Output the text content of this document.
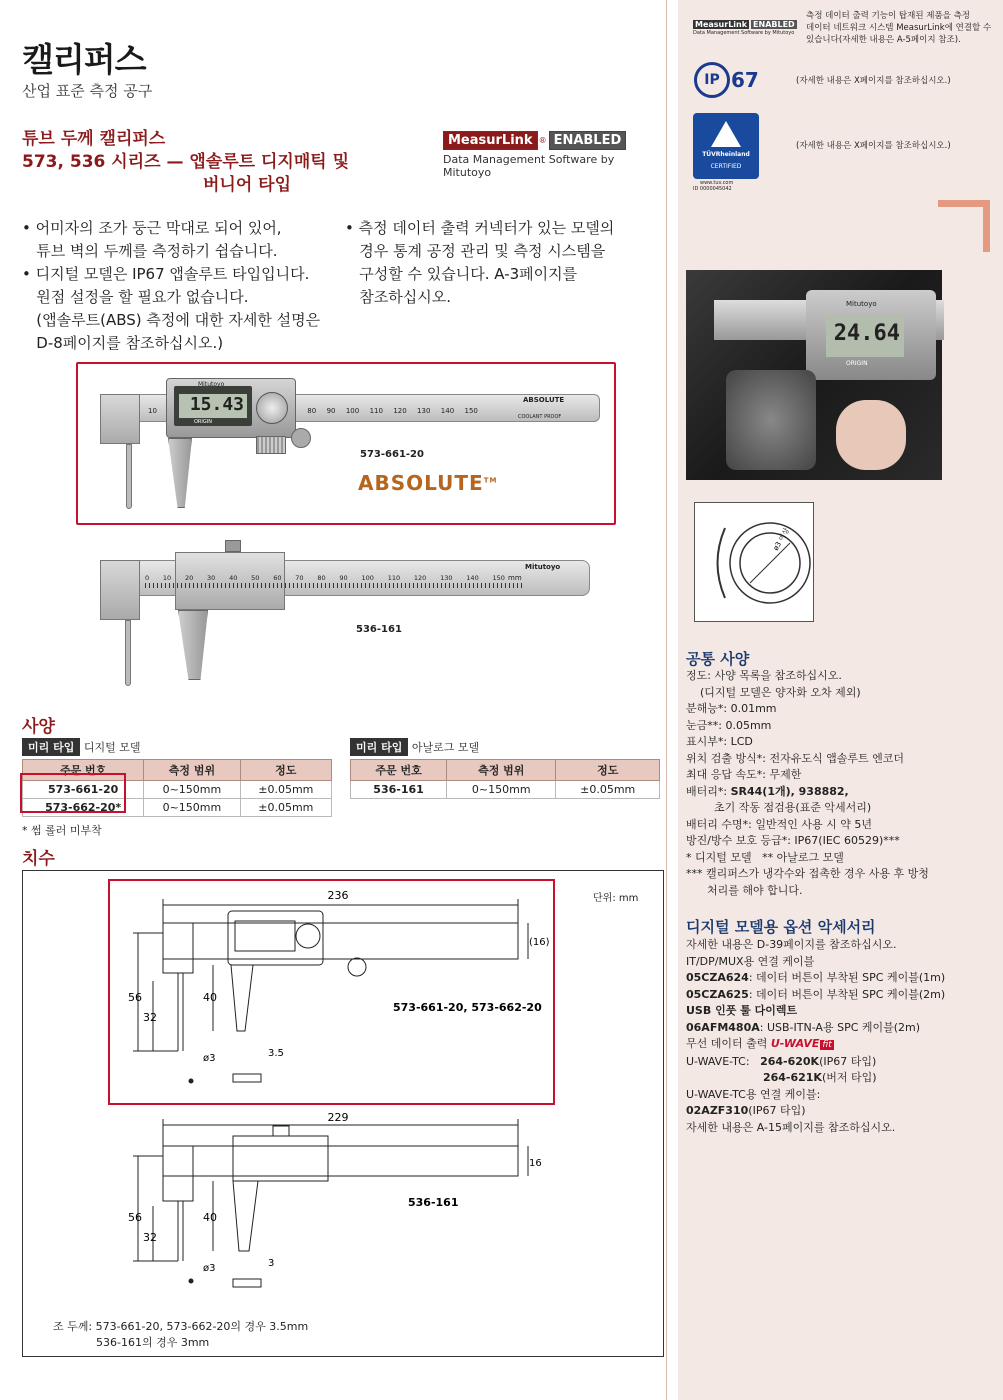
캘리퍼스
산업 표준 측정 공구
튜브 두께 캘리퍼스
573, 536 시리즈 — 앱솔루트 디지매틱 및
버니어 타입
MeasurLink ® ENABLED
Data Management Software by Mitutoyo
• 어미자의 조가 둥근 막대로 되어 있어,
튜브 벽의 두께를 측정하기 쉽습니다.
• 디지털 모델은 IP67 앱솔루트 타입입니다.
원점 설정을 할 필요가 없습니다.
(앱솔루트(ABS) 측정에 대한 자세한 설명은
D-8페이지를 참조하십시오.)
• 측정 데이터 출력 커넥터가 있는 모델의
경우 통계 공정 관리 및 측정 시스템을
구성할 수 있습니다. A-3페이지를
참조하십시오.
10	80 90 100 110 120 130 140 150
15.43
ORIGIN
Mitutoyo
ABSOLUTE
COOLANT PROOF
573-661-20
ABSOLUTE™
0 10 20 30 40 50 60 70 80 90 100 110 120 130 140 150 mm
Mitutoyo
536-161
사양
미리 타입 디지털 모델
주문 번호	측정 범위	정도
573-661-20	0~150mm	±0.05mm
573-662-20*	0~150mm	±0.05mm
* 썸 롤러 미부착
미리 타입 아날로그 모델
주문 번호	측정 범위	정도
536-161	0~150mm	±0.05mm
치수
단위: mm
236
56
32
40
(16)
ø3	3.5
573-661-20, 573-662-20
229
56
32
40
16
ø3	3
536-161
조 두께: 573-661-20, 573-662-20의 경우 3.5mm
536-161의 경우 3mm
MeasurLink ENABLED
Data Management Software by Mitutoyo
측정 데이터 출력 기능이 탑재된 제품을 측정
데이터 네트워크 시스템 MeasurLink에 연결할 수
있습니다(자세한 내용은 A-5페이지 참조).
IP 67	(자세한 내용은 X페이지를 참조하십시오.)
TÜVRheinland
CERTIFIED
www.tuv.com
ID 0000045042
(자세한 내용은 X페이지를 참조하십시오.)
24.64
Mitutoyo
ORIGIN
ø3 이상
공통 사양
정도: 사양 목록을 참조하십시오.
(디지털 모델은 양자화 오차 제외)
분해능*: 0.01mm
눈금**: 0.05mm
표시부*: LCD
위치 검출 방식*: 전자유도식 앱솔루트 엔코더
최대 응답 속도*: 무제한
배터리*: SR44(1개), 938882,
초기 작동 점검용(표준 악세서리)
배터리 수명*: 일반적인 사용 시 약 5년
방진/방수 보호 등급*: IP67(IEC 60529)***
* 디지털 모델   ** 아날로그 모델
*** 캘리퍼스가 냉각수와 접촉한 경우 사용 후 방청
처리를 해야 합니다.
디지털 모델용 옵션 악세서리
자세한 내용은 D-39페이지를 참조하십시오.
IT/DP/MUX용 연결 케이블
05CZA624: 데이터 버튼이 부착된 SPC 케이블(1m)
05CZA625: 데이터 버튼이 부착된 SPC 케이블(2m)
USB 인풋 툴 다이렉트
06AFM480A: USB-ITN-A용 SPC 케이블(2m)
무선 데이터 출력 U-WAVE fit
U-WAVE-TC:   264-620K(IP67 타입)
264-621K(버저 타입)
U-WAVE-TC용 연결 케이블:
02AZF310(IP67 타입)
자세한 내용은 A-15페이지를 참조하십시오.
